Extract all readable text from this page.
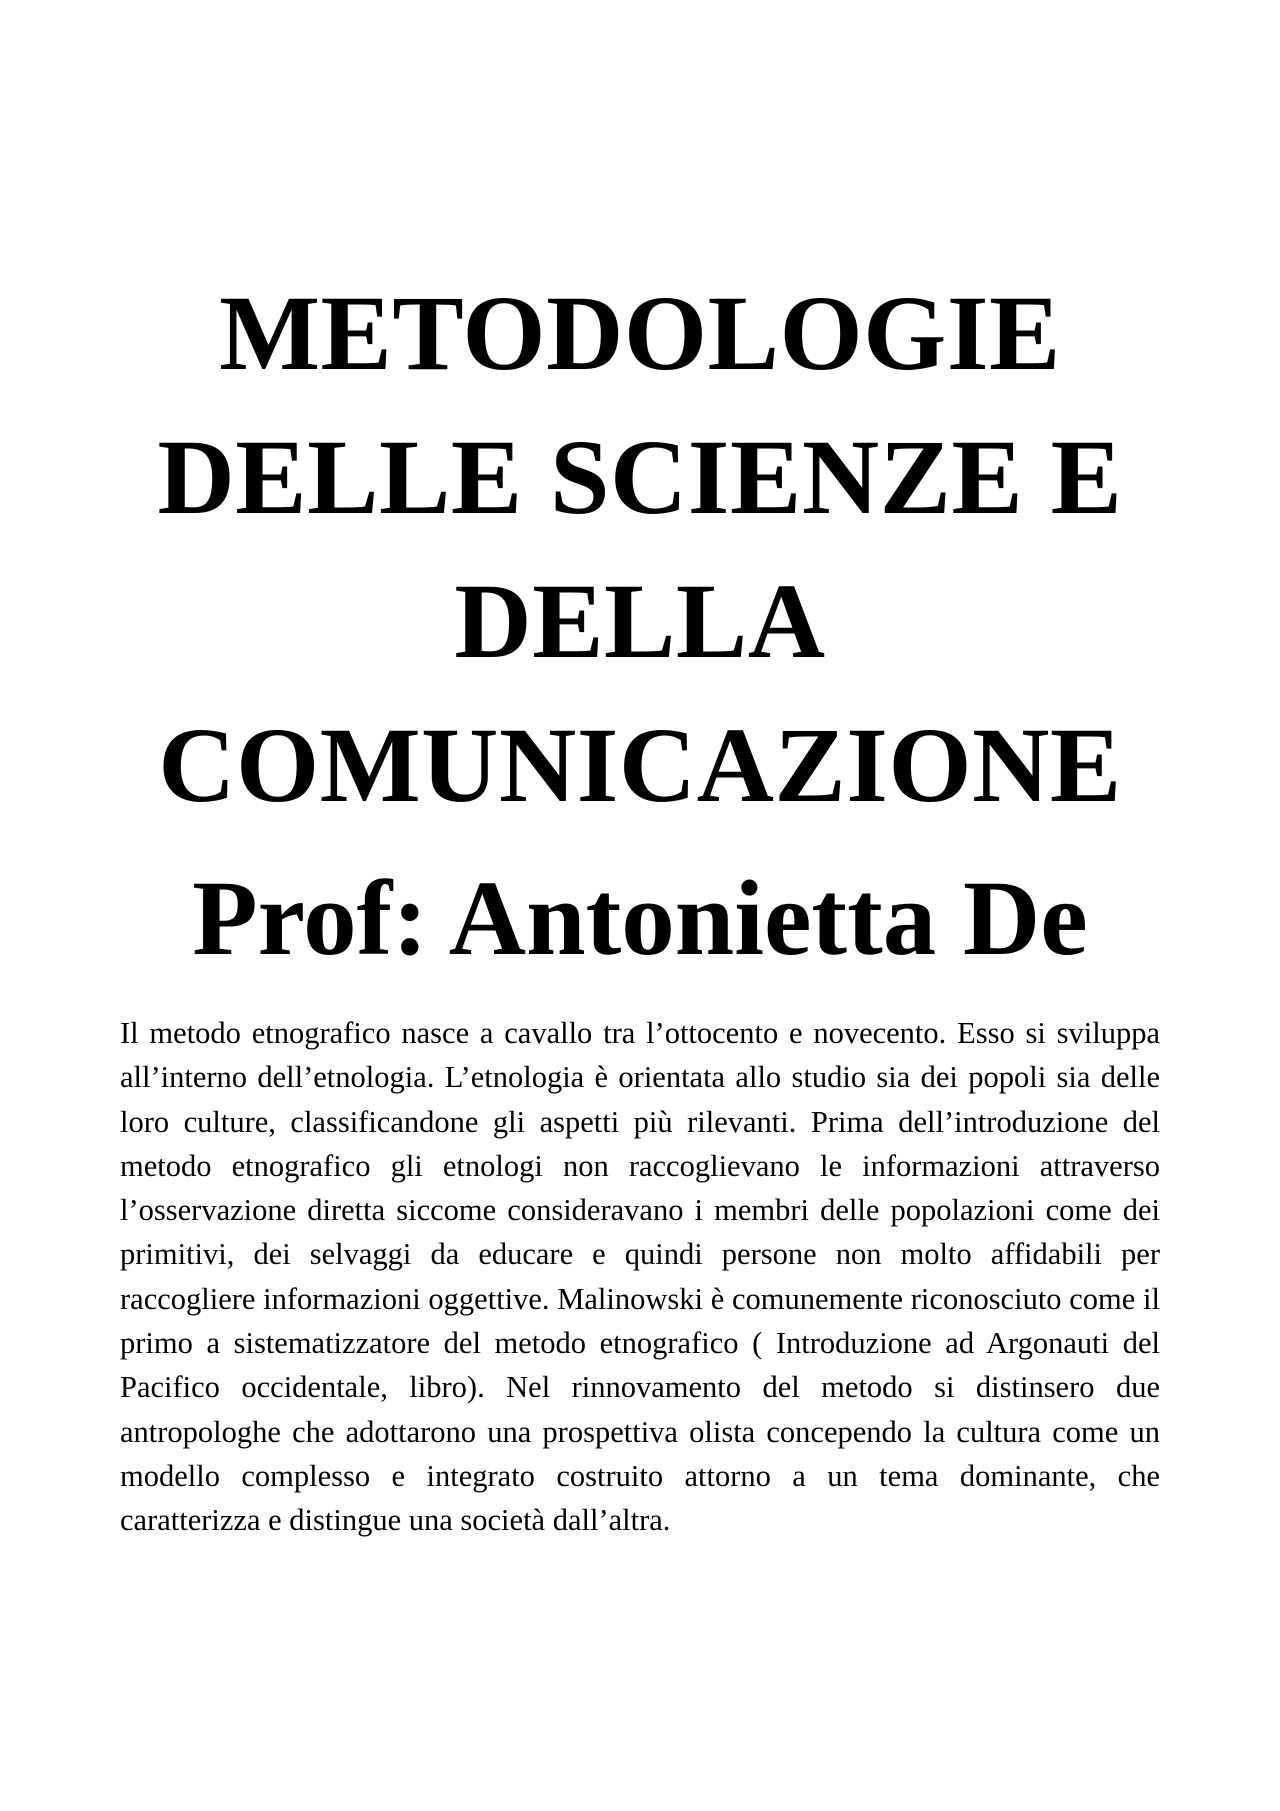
METODOLOGIE
DELLE SCIENZE E
DELLA
COMUNICAZIONE
Prof: Antonietta De

Il metodo etnografico nasce a cavallo tra l’ottocento e novecento. Esso si sviluppa all’interno dell’etnologia. L’etnologia è orientata allo studio sia dei popoli sia delle loro culture, classificandone gli aspetti più rilevanti. Prima dell’introduzione del metodo etnografico gli etnologi non raccoglievano le informazioni attraverso l’osservazione diretta siccome consideravano i membri delle popolazioni come dei primitivi, dei selvaggi da educare e quindi persone non molto affidabili per raccogliere informazioni oggettive. Malinowski è comunemente riconosciuto come il primo a sistematizzatore del metodo etnografico ( Introduzione ad Argonauti del Pacifico occidentale, libro). Nel rinnovamento del metodo si distinsero due antropologhe che adottarono una prospettiva olista concependo la cultura come un modello complesso e integrato costruito attorno a un tema dominante, che caratterizza e distingue una società dall’altra.
